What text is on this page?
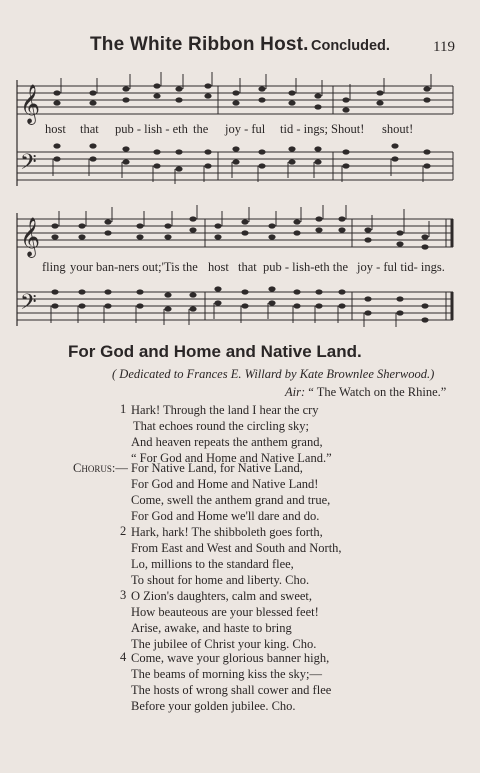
The White Ribbon Host. Concluded.	119
𝄞
𝄢
host that pub - lish - eth the joy - ful tid - ings; Shout! shout!
𝄞
𝄢
fling your ban-ners out;'Tis the host that pub - lish-eth the joy - ful tid- ings.
For God and Home and Native Land.
( Dedicated to Frances E. Willard by Kate Brownlee Sherwood.)
Air: “ The Watch on the Rhine.”
1 Hark! Through the land I hear the cry
That echoes round the circling sky;
And heaven repeats the anthem grand,
“ For God and Home and Native Land.”
Chorus:— For Native Land, for Native Land,
For God and Home and Native Land!
Come, swell the anthem grand and true,
For God and Home we'll dare and do.
2 Hark, hark! The shibboleth goes forth,
From East and West and South and North,
Lo, millions to the standard flee,
To shout for home and liberty. Cho.
3 O Zion's daughters, calm and sweet,
How beauteous are your blessed feet!
Arise, awake, and haste to bring
The jubilee of Christ your king. Cho.
4 Come, wave your glorious banner high,
The beams of morning kiss the sky;—
The hosts of wrong shall cower and flee
Before your golden jubilee. Cho.
